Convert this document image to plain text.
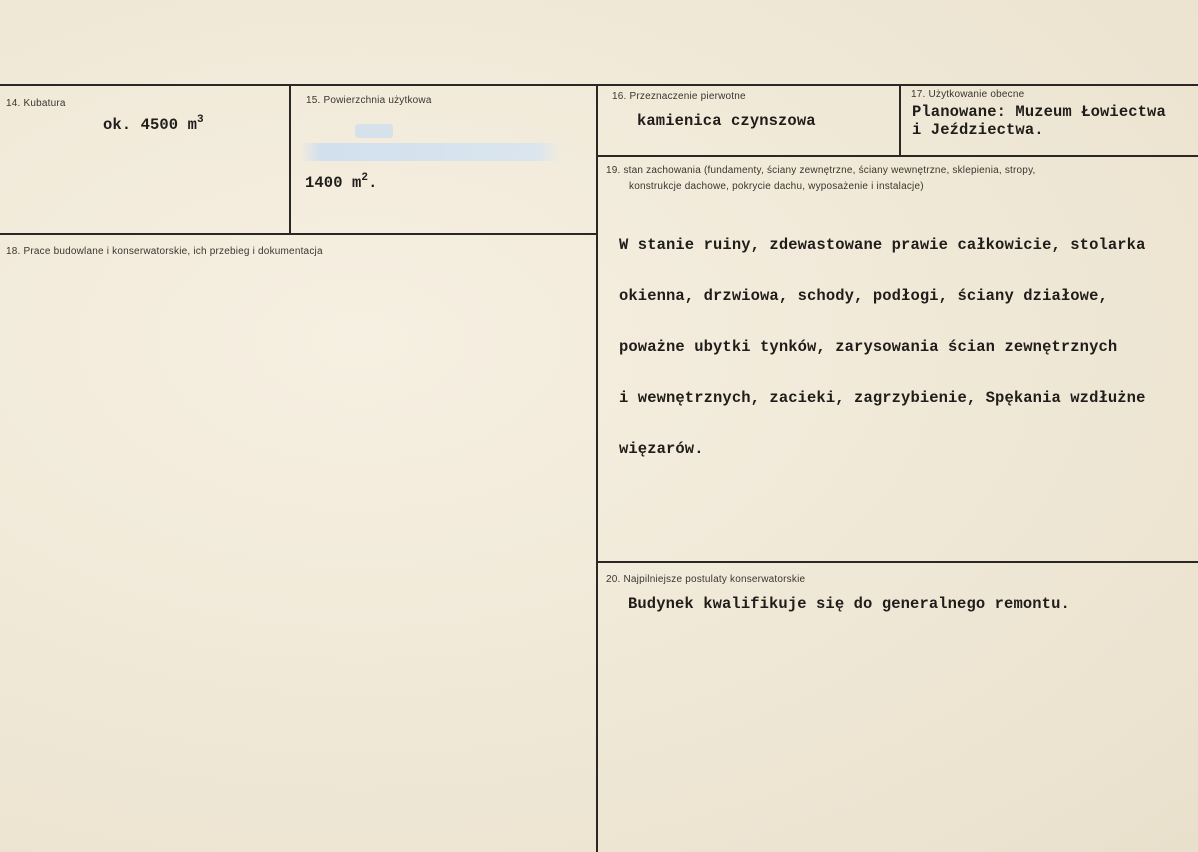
14. Kubatura
ok. 4500 $m^3$
15. Powierzchnia użytkowa
1400 $m^2$.
16. Przeznaczenie pierwotne
kamienica czynszowa
17. Użytkowanie obecne
Planowane: Muzeum Łowiectwa
i Jeździectwa.
18. Prace budowlane i konserwatorskie, ich przebieg i dokumentacja
19. stan zachowania (fundamenty, ściany zewnętrzne, ściany wewnętrzne, sklepienia, stropy,
konstrukcje dachowe, pokrycie dachu, wyposażenie i instalacje)

W stanie ruiny, zdewastowane prawie całkowicie, stolarka

okienna, drzwiowa, schody, podłogi, ściany działowe,

poważne ubytki tynków, zarysowania ścian zewnętrznych

i wewnętrznych, zacieki, zagrzybienie, Spękania wzdłużne

więzarów.

20. Najpilniejsze postulaty konserwatorskie
Budynek kwalifikuje się do generalnego remontu.
